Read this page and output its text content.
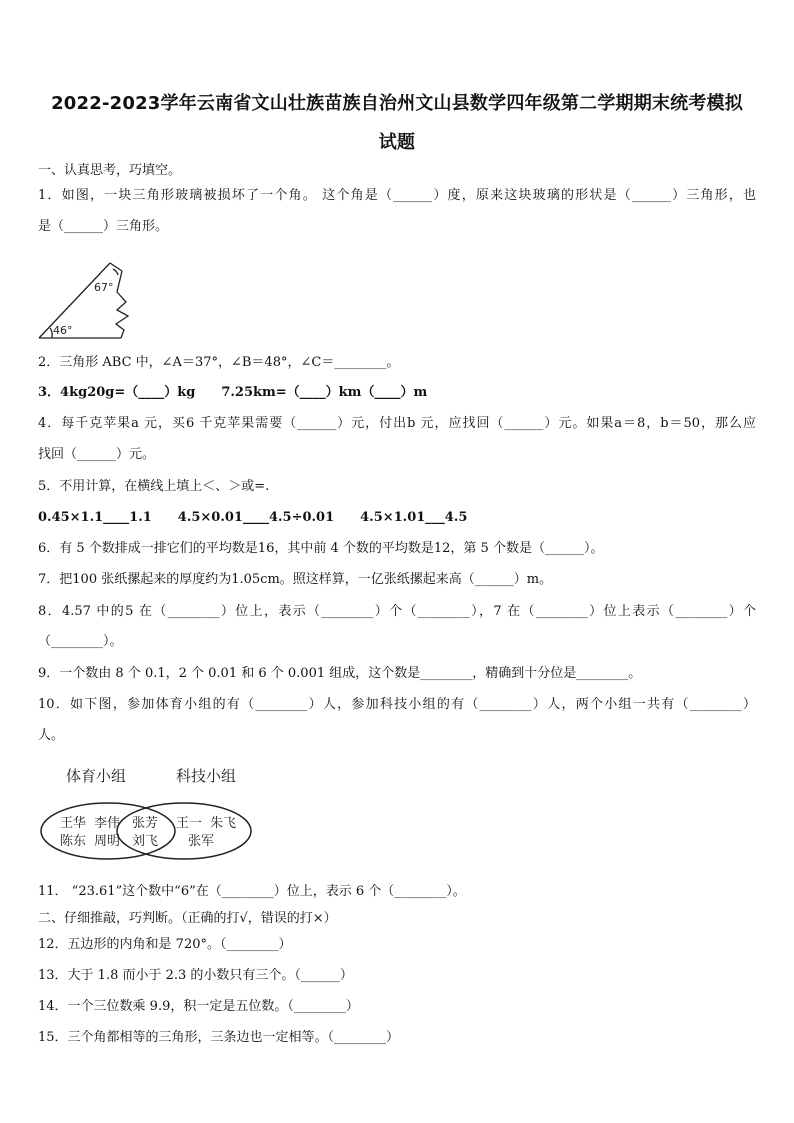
2022-2023学年云南省文山壮族苗族自治州文山县数学四年级第二学期期末统考模拟
试题
一、认真思考，巧填空。
1．如图，一块三角形玻璃被损坏了一个角。 这个角是（______）度，原来这块玻璃的形状是（______）三角形，也
是（______）三角形。
67°
46°
2．三角形 ABC 中，∠A＝37°，∠B＝48°，∠C＝________。
3．4kg20g=（____）kg　　7.25km=（____）km（____）m
4．每千克苹果a 元，买6 千克苹果需要（______）元，付出b 元，应找回（______）元。如果a＝8，b＝50，那么应
找回（______）元。
5．不用计算，在横线上填上＜、＞或=.
0.45×1.1____1.1　　4.5×0.01____4.5÷0.01　　4.5×1.01___4.5
6．有 5 个数排成一排它们的平均数是16，其中前 4 个数的平均数是12，第 5 个数是（______）。
7．把100 张纸摞起来的厚度约为1.05cm。照这样算，一亿张纸摞起来高（______）m。
8．4.57 中的5 在（________）位上，表示（________）个（________），7 在（________）位上表示（________）个
（________）。
9．一个数由 8 个 0.1，2 个 0.01 和 6 个 0.001 组成，这个数是________，精确到十分位是________。
10．如下图，参加体育小组的有（________）人，参加科技小组的有（________）人，两个小组一共有（________）
人。
体育小组	科技小组
王华 李伟
陈东 周明
张芳
刘飞
王一 朱飞
张军
11． “23.61”这个数中“6”在（________）位上，表示 6 个（________）。
二、仔细推敲，巧判断。（正确的打√，错误的打×）
12．五边形的内角和是 720°。（________）
13．大于 1.8 而小于 2.3 的小数只有三个。（______）
14．一个三位数乘 9.9，积一定是五位数。（________）
15．三个角都相等的三角形，三条边也一定相等。（________）
